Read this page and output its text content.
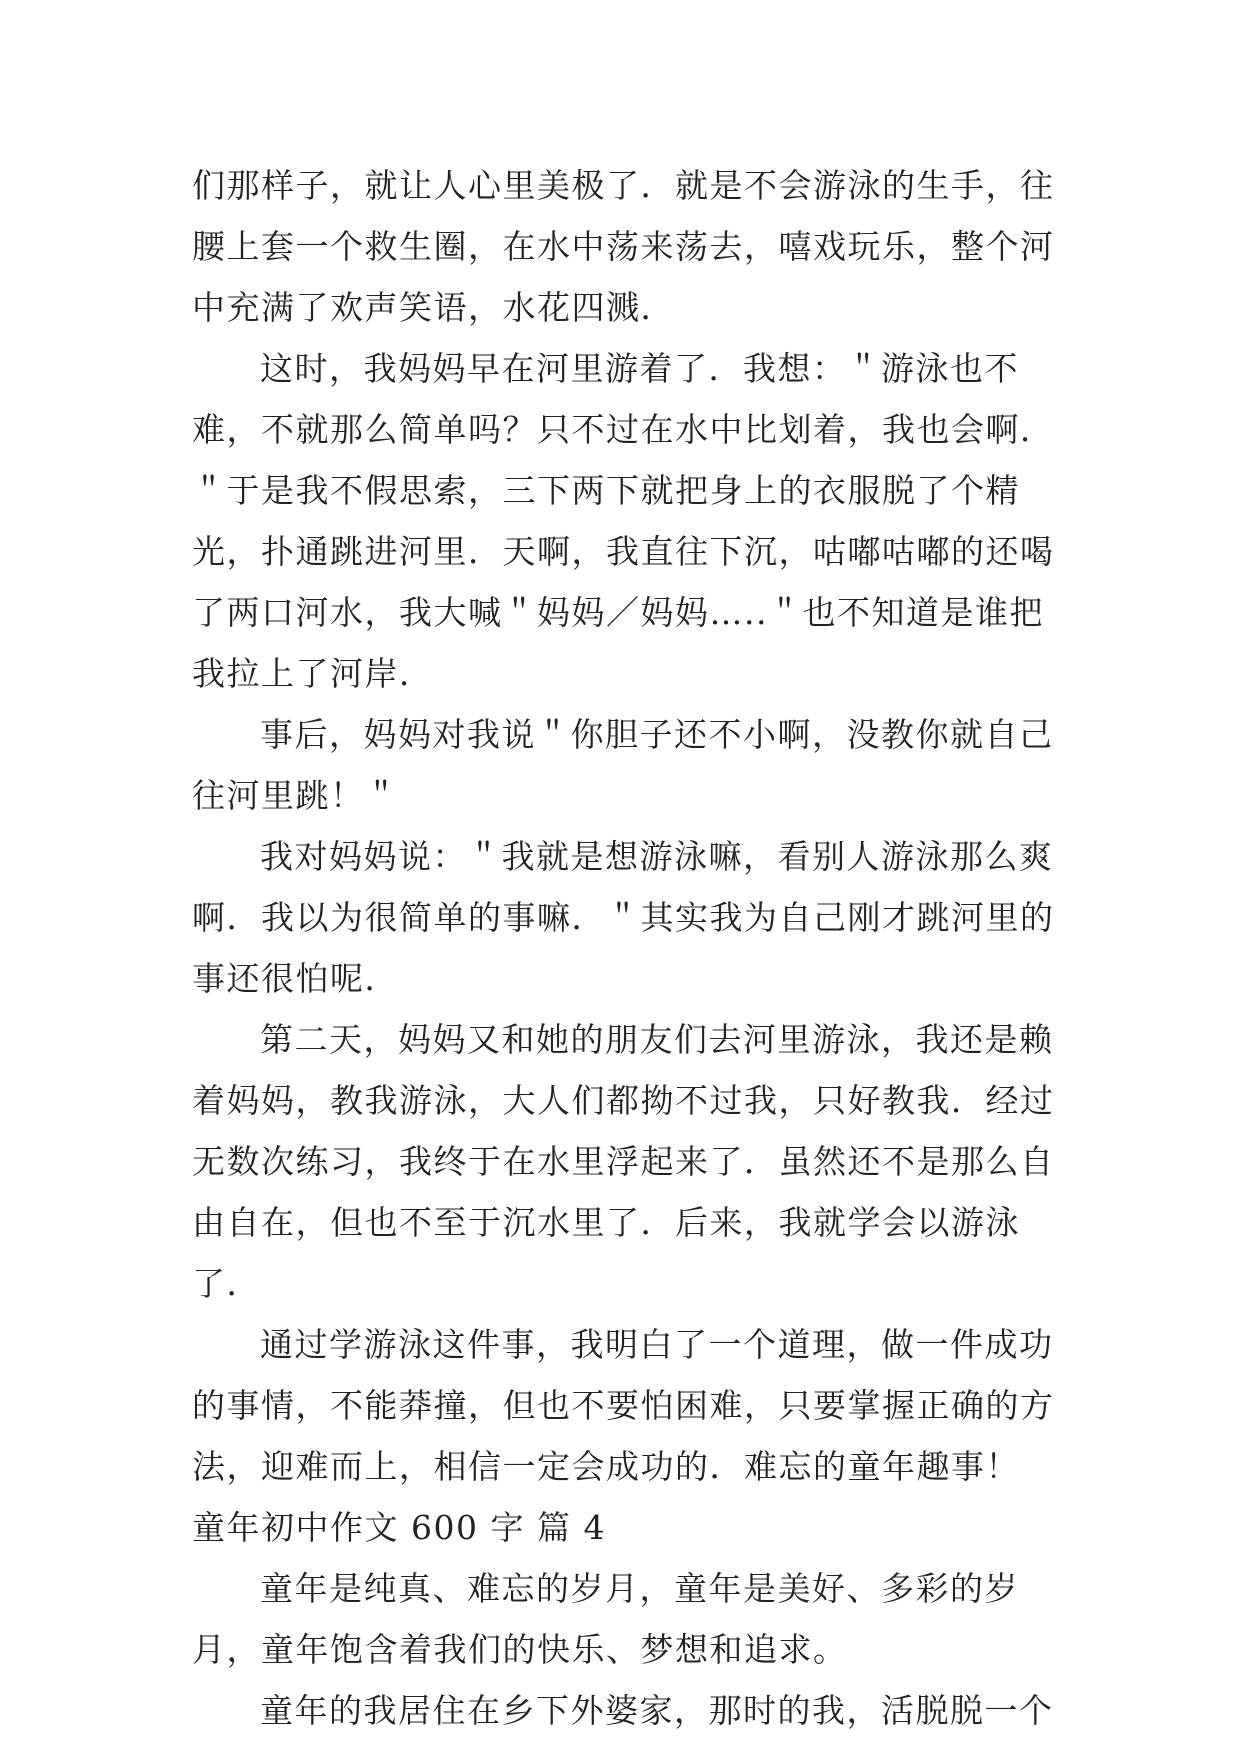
们那样子，就让人心里美极了．就是不会游泳的生手，往腰上套一个救生圈，在水中荡来荡去，嘻戏玩乐，整个河中充满了欢声笑语，水花四溅．

这时，我妈妈早在河里游着了．我想：＂游泳也不难，不就那么简单吗？只不过在水中比划着，我也会啊．＂于是我不假思索，三下两下就把身上的衣服脱了个精光，扑通跳进河里．天啊，我直往下沉，咕嘟咕嘟的还喝了两口河水，我大喊＂妈妈／妈妈…..＂也不知道是谁把我拉上了河岸．

事后，妈妈对我说＂你胆子还不小啊，没教你就自己往河里跳！＂

我对妈妈说：＂我就是想游泳嘛，看别人游泳那么爽啊．我以为很简单的事嘛．＂其实我为自己刚才跳河里的事还很怕呢．

第二天，妈妈又和她的朋友们去河里游泳，我还是赖着妈妈，教我游泳，大人们都拗不过我，只好教我．经过无数次练习，我终于在水里浮起来了．虽然还不是那么自由自在，但也不至于沉水里了．后来，我就学会以游泳了．

通过学游泳这件事，我明白了一个道理，做一件成功的事情，不能莽撞，但也不要怕困难，只要掌握正确的方法，迎难而上，相信一定会成功的．难忘的童年趣事！

童年初中作文 600 字 篇 4

童年是纯真、难忘的岁月，童年是美好、多彩的岁月，童年饱含着我们的快乐、梦想和追求。

童年的我居住在乡下外婆家，那时的我，活脱脱一个
